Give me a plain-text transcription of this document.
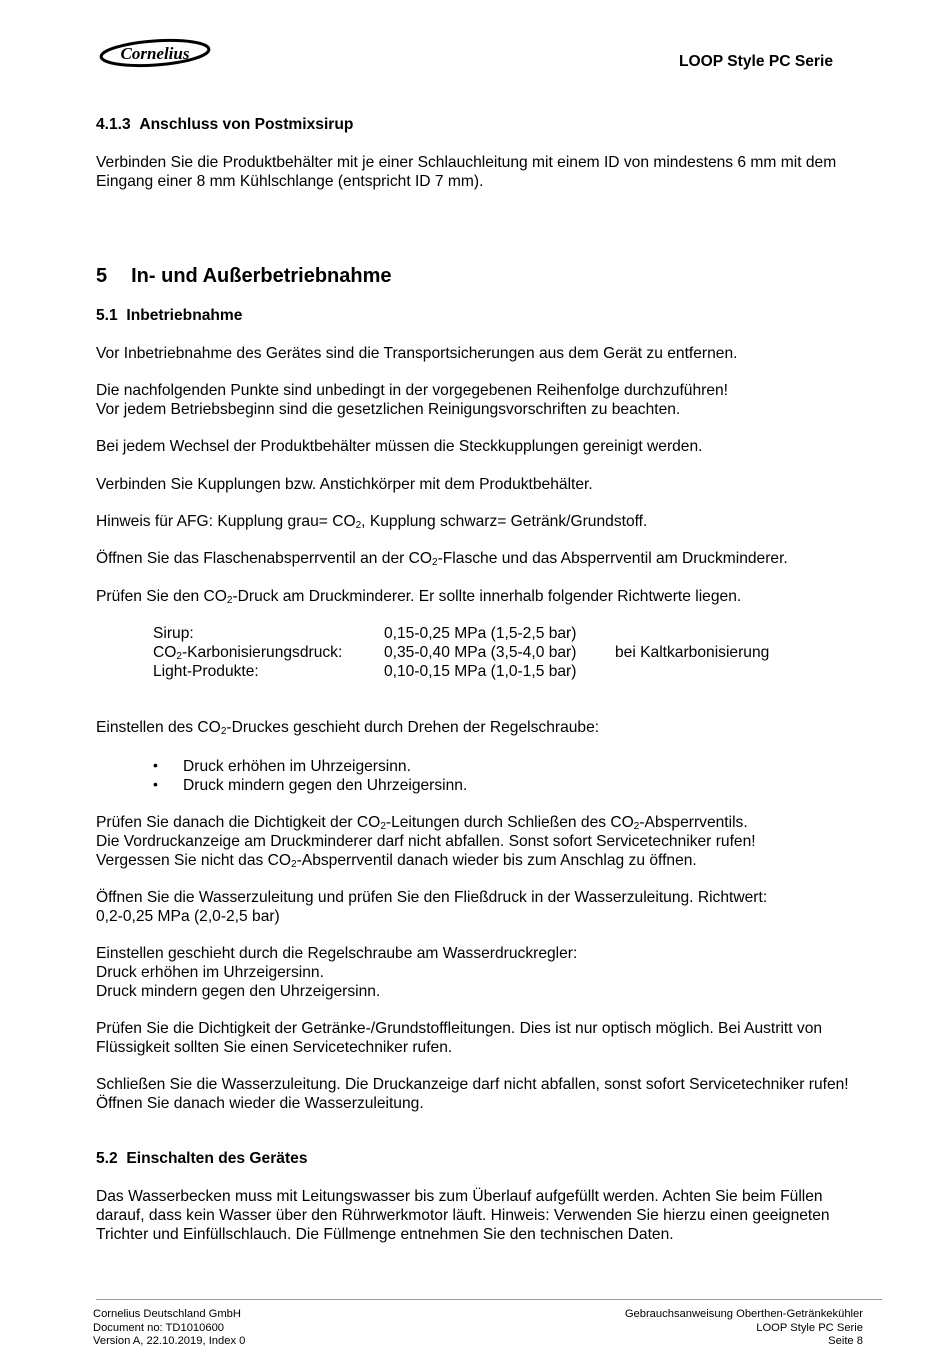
Cornelius	LOOP Style PC Serie
4.1.3 Anschluss von Postmixsirup
Verbinden Sie die Produktbehälter mit je einer Schlauchleitung mit einem ID von mindestens 6 mm mit dem
Eingang einer 8 mm Kühlschlange (entspricht ID 7 mm).
5 In- und Außerbetriebnahme
5.1 Inbetriebnahme
Vor Inbetriebnahme des Gerätes sind die Transportsicherungen aus dem Gerät zu entfernen.
Die nachfolgenden Punkte sind unbedingt in der vorgegebenen Reihenfolge durchzuführen!
Vor jedem Betriebsbeginn sind die gesetzlichen Reinigungsvorschriften zu beachten.
Bei jedem Wechsel der Produktbehälter müssen die Steckkupplungen gereinigt werden.
Verbinden Sie Kupplungen bzw. Anstichkörper mit dem Produktbehälter.
Hinweis für AFG: Kupplung grau= $CO_2$, Kupplung schwarz= Getränk/Grundstoff.
Öffnen Sie das Flaschenabsperrventil an der $CO_2$-Flasche und das Absperrventil am Druckminderer.
Prüfen Sie den $CO_2$-Druck am Druckminderer. Er sollte innerhalb folgender Richtwerte liegen.
Sirup:	0,15-0,25 MPa (1,5-2,5 bar)
$CO_2$-Karbonisierungsdruck:	0,35-0,40 MPa (3,5-4,0 bar) bei Kaltkarbonisierung
Light-Produkte:	0,10-0,15 MPa (1,0-1,5 bar)
Einstellen des $CO_2$-Druckes geschieht durch Drehen der Regelschraube:
• Druck erhöhen im Uhrzeigersinn.
• Druck mindern gegen den Uhrzeigersinn.
Prüfen Sie danach die Dichtigkeit der $CO_2$-Leitungen durch Schließen des $CO_2$-Absperrventils.
Die Vordruckanzeige am Druckminderer darf nicht abfallen. Sonst sofort Servicetechniker rufen!
Vergessen Sie nicht das $CO_2$-Absperrventil danach wieder bis zum Anschlag zu öffnen.
Öffnen Sie die Wasserzuleitung und prüfen Sie den Fließdruck in der Wasserzuleitung. Richtwert:
0,2-0,25 MPa (2,0-2,5 bar)
Einstellen geschieht durch die Regelschraube am Wasserdruckregler:
Druck erhöhen im Uhrzeigersinn.
Druck mindern gegen den Uhrzeigersinn.
Prüfen Sie die Dichtigkeit der Getränke-/Grundstoffleitungen. Dies ist nur optisch möglich. Bei Austritt von
Flüssigkeit sollten Sie einen Servicetechniker rufen.
Schließen Sie die Wasserzuleitung. Die Druckanzeige darf nicht abfallen, sonst sofort Servicetechniker rufen!
Öffnen Sie danach wieder die Wasserzuleitung.
5.2 Einschalten des Gerätes
Das Wasserbecken muss mit Leitungswasser bis zum Überlauf aufgefüllt werden. Achten Sie beim Füllen
darauf, dass kein Wasser über den Rührwerkmotor läuft. Hinweis: Verwenden Sie hierzu einen geeigneten
Trichter und Einfüllschlauch. Die Füllmenge entnehmen Sie den technischen Daten.
Cornelius Deutschland GmbH
Document no: TD1010600
Version A, 22.10.2019, Index 0
Gebrauchsanweisung Oberthen-Getränkekühler
LOOP Style PC Serie
Seite 8
